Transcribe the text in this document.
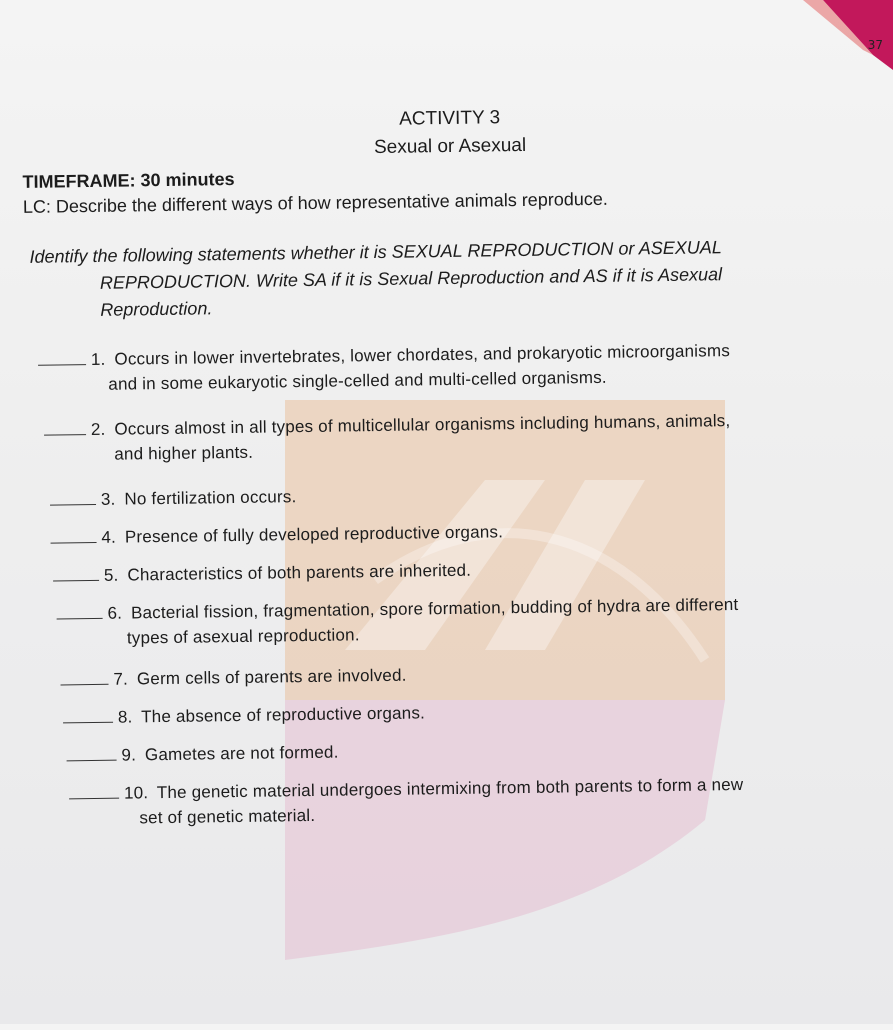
37
ACTIVITY 3
Sexual or Asexual
TIMEFRAME: 30 minutes
LC: Describe the different ways of how representative animals reproduce.
Identify the following statements whether it is SEXUAL REPRODUCTION or ASEXUAL
REPRODUCTION. Write SA if it is Sexual Reproduction and AS if it is Asexual
Reproduction.
1. Occurs in lower invertebrates, lower chordates, and prokaryotic microorganisms
and in some eukaryotic single-celled and multi-celled organisms.
2. Occurs almost in all types of multicellular organisms including humans, animals,
and higher plants.
3. No fertilization occurs.
4. Presence of fully developed reproductive organs.
5. Characteristics of both parents are inherited.
6. Bacterial fission, fragmentation, spore formation, budding of hydra are different
types of asexual reproduction.
7. Germ cells of parents are involved.
8. The absence of reproductive organs.
9. Gametes are not formed.
10. The genetic material undergoes intermixing from both parents to form a new
set of genetic material.
